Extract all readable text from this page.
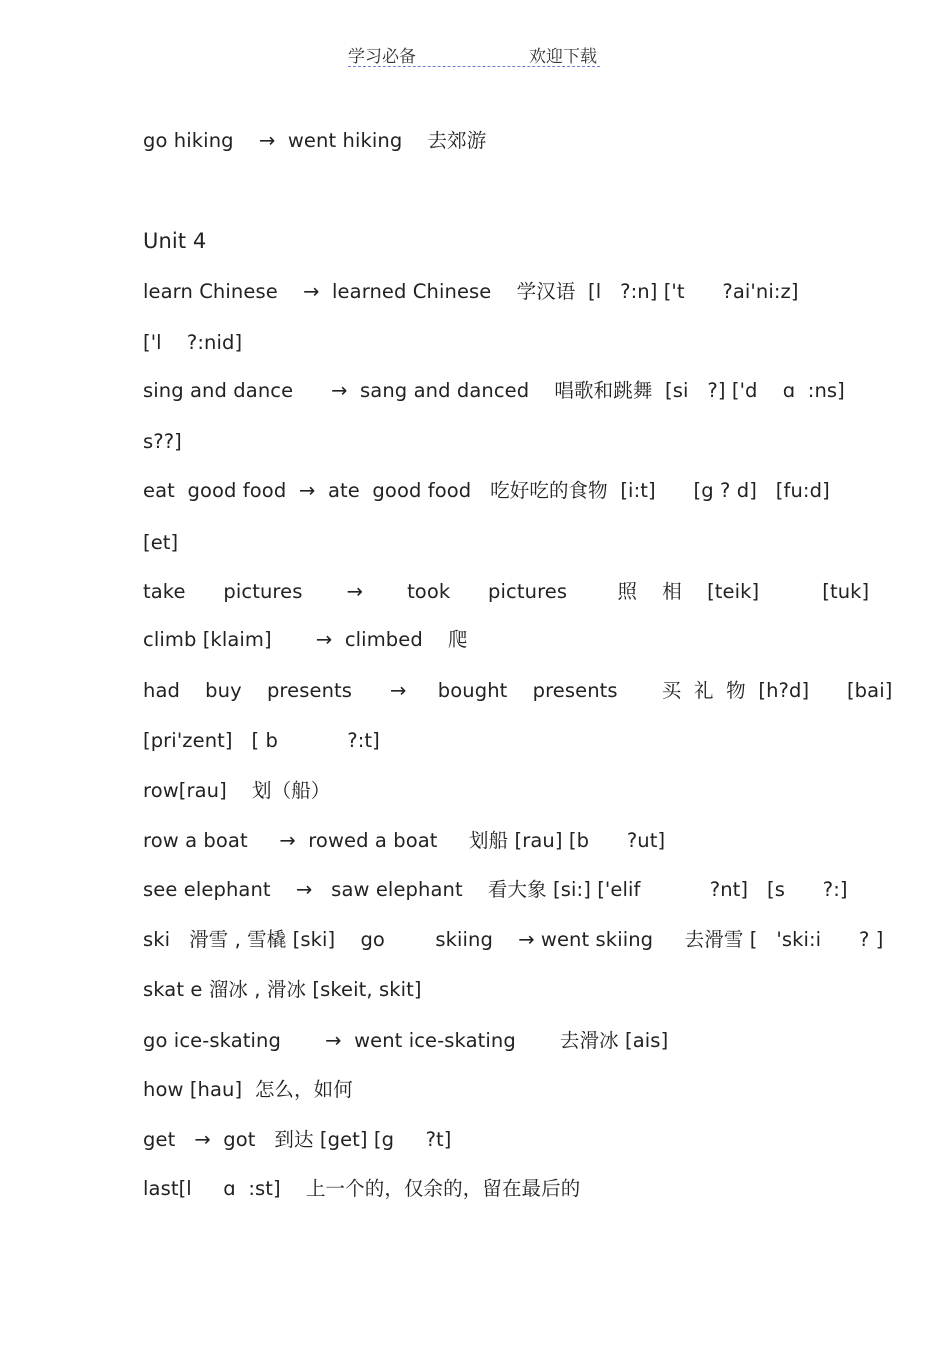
学习必备	欢迎下载
go hiking    →  went hiking    去郊游
Unit 4
learn Chinese    →  learned Chinese    学汉语  [l   ?:n] ['t      ?ai'ni:z]
['l    ?:nid]
sing and dance      →  sang and danced    唱歌和跳舞  [si   ?] ['d    ɑ  :ns]
s??]
eat  good food  →  ate  good food   吃好吃的食物  [i:t]      [g ? d]   [fu:d]
[et]
take      pictures       →       took      pictures        照    相    [teik]          [tuk]
climb [klaim]       →  climbed    爬
had    buy    presents      →     bought    presents       买  礼  物  [h?d]      [bai]
[pri'zent]   [ b           ?:t]
row[rau]    划（船）
row a boat     →  rowed a boat     划船 [rau] [b      ?ut]
see elephant    →   saw elephant    看大象 [si:] ['elif           ?nt]   [s      ?:]
ski   滑雪 , 雪橇 [ski]    go        skiing    → went skiing     去滑雪 [   'ski:i      ? ]
skat e 溜冰 , 滑冰 [skeit, skit]
go ice-skating       →  went ice-skating       去滑冰 [ais]
how [hau]  怎么，如何
get   →  got   到达 [get] [g     ?t]
last[l     ɑ  :st]    上一个的，仅余的，留在最后的
